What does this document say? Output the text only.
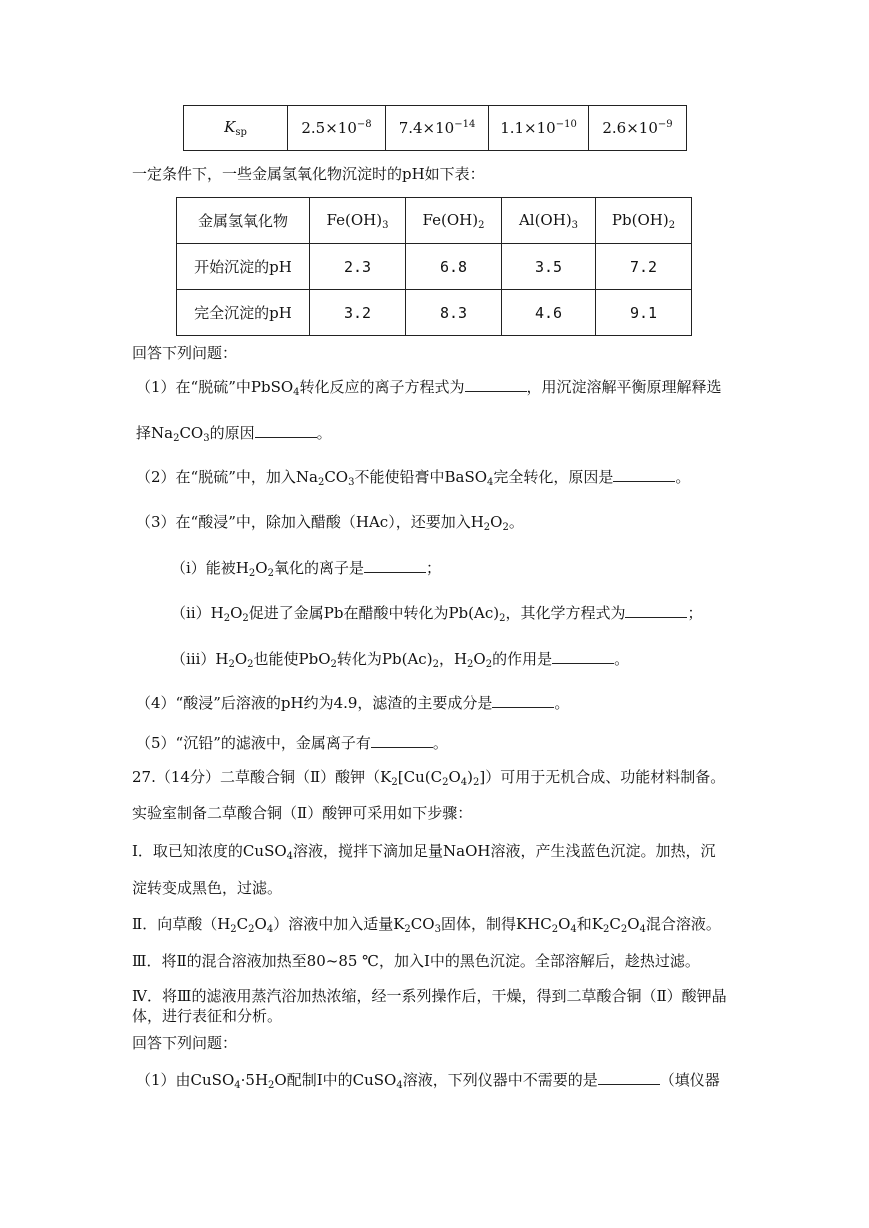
$K_{sp}$	$2.5\times 10^{-8}$	$7.4\times 10^{-14}$	$1.1\times 10^{-10}$	$2.6\times 10^{-9}$
一定条件下，一些金属氢氧化物沉淀时的pH如下表：
金属氢氧化物	$Fe(OH)_3$	$Fe(OH)_2$	$Al(OH)_3$	$Pb(OH)_2$
开始沉淀的pH	2.3	6.8	3.5	7.2
完全沉淀的pH	3.2	8.3	4.6	9.1
回答下列问题：
（1）在“脱硫”中PbSO$_4$转化反应的离子方程式为	，用沉淀溶解平衡原理解释选
择$Na_2CO_3$的原因	。
（2）在“脱硫”中，加入$Na_2CO_3$不能使铅膏中BaSO$_4$完全转化，原因是	。
（3）在“酸浸”中，除加入醋酸（HAc），还要加入$H_2O_2$。
（ⅰ）能被$H_2O_2$氧化的离子是	；
$(ⅱ)H_2O_2$促进了金属Pb在醋酸中转化为$Pb(Ac)_2$，其化学方程式为	；
$(ⅲ)H_2O_2$也能使PbO$_2$转化为$Pb(Ac)_2$，$H_2O_2$的作用是	。
（4）“酸浸”后溶液的pH约为4.9，滤渣的主要成分是	。
（5）“沉铅”的滤液中，金属离子有	。
27.（14分）二草酸合铜（Ⅱ）酸钾$(K_2[Cu(C_2O_4)_2])$可用于无机合成、功能材料制备。
实验室制备二草酸合铜（Ⅱ）酸钾可采用如下步骤：
Ⅰ．取已知浓度的CuSO$_4$溶液，搅拌下滴加足量NaOH溶液，产生浅蓝色沉淀。加热，沉
淀转变成黑色，过滤。
Ⅱ．向草酸$(H_2C_2O_4)$溶液中加入适量$K_2CO_3$固体，制得$KHC_2O_4$和$K_2C_2O_4$混合溶液。
Ⅲ．将Ⅱ的混合溶液加热至80~85 ℃，加入Ⅰ中的黑色沉淀。全部溶解后，趁热过滤。
Ⅳ．将Ⅲ的滤液用蒸汽浴加热浓缩，经一系列操作后，干燥，得到二草酸合铜（Ⅱ）酸钾晶
体，进行表征和分析。
回答下列问题：
（1）由$CuSO_4\cdot 5H_2O$配制Ⅰ中的CuSO$_4$溶液，下列仪器中不需要的是	（填仪器
